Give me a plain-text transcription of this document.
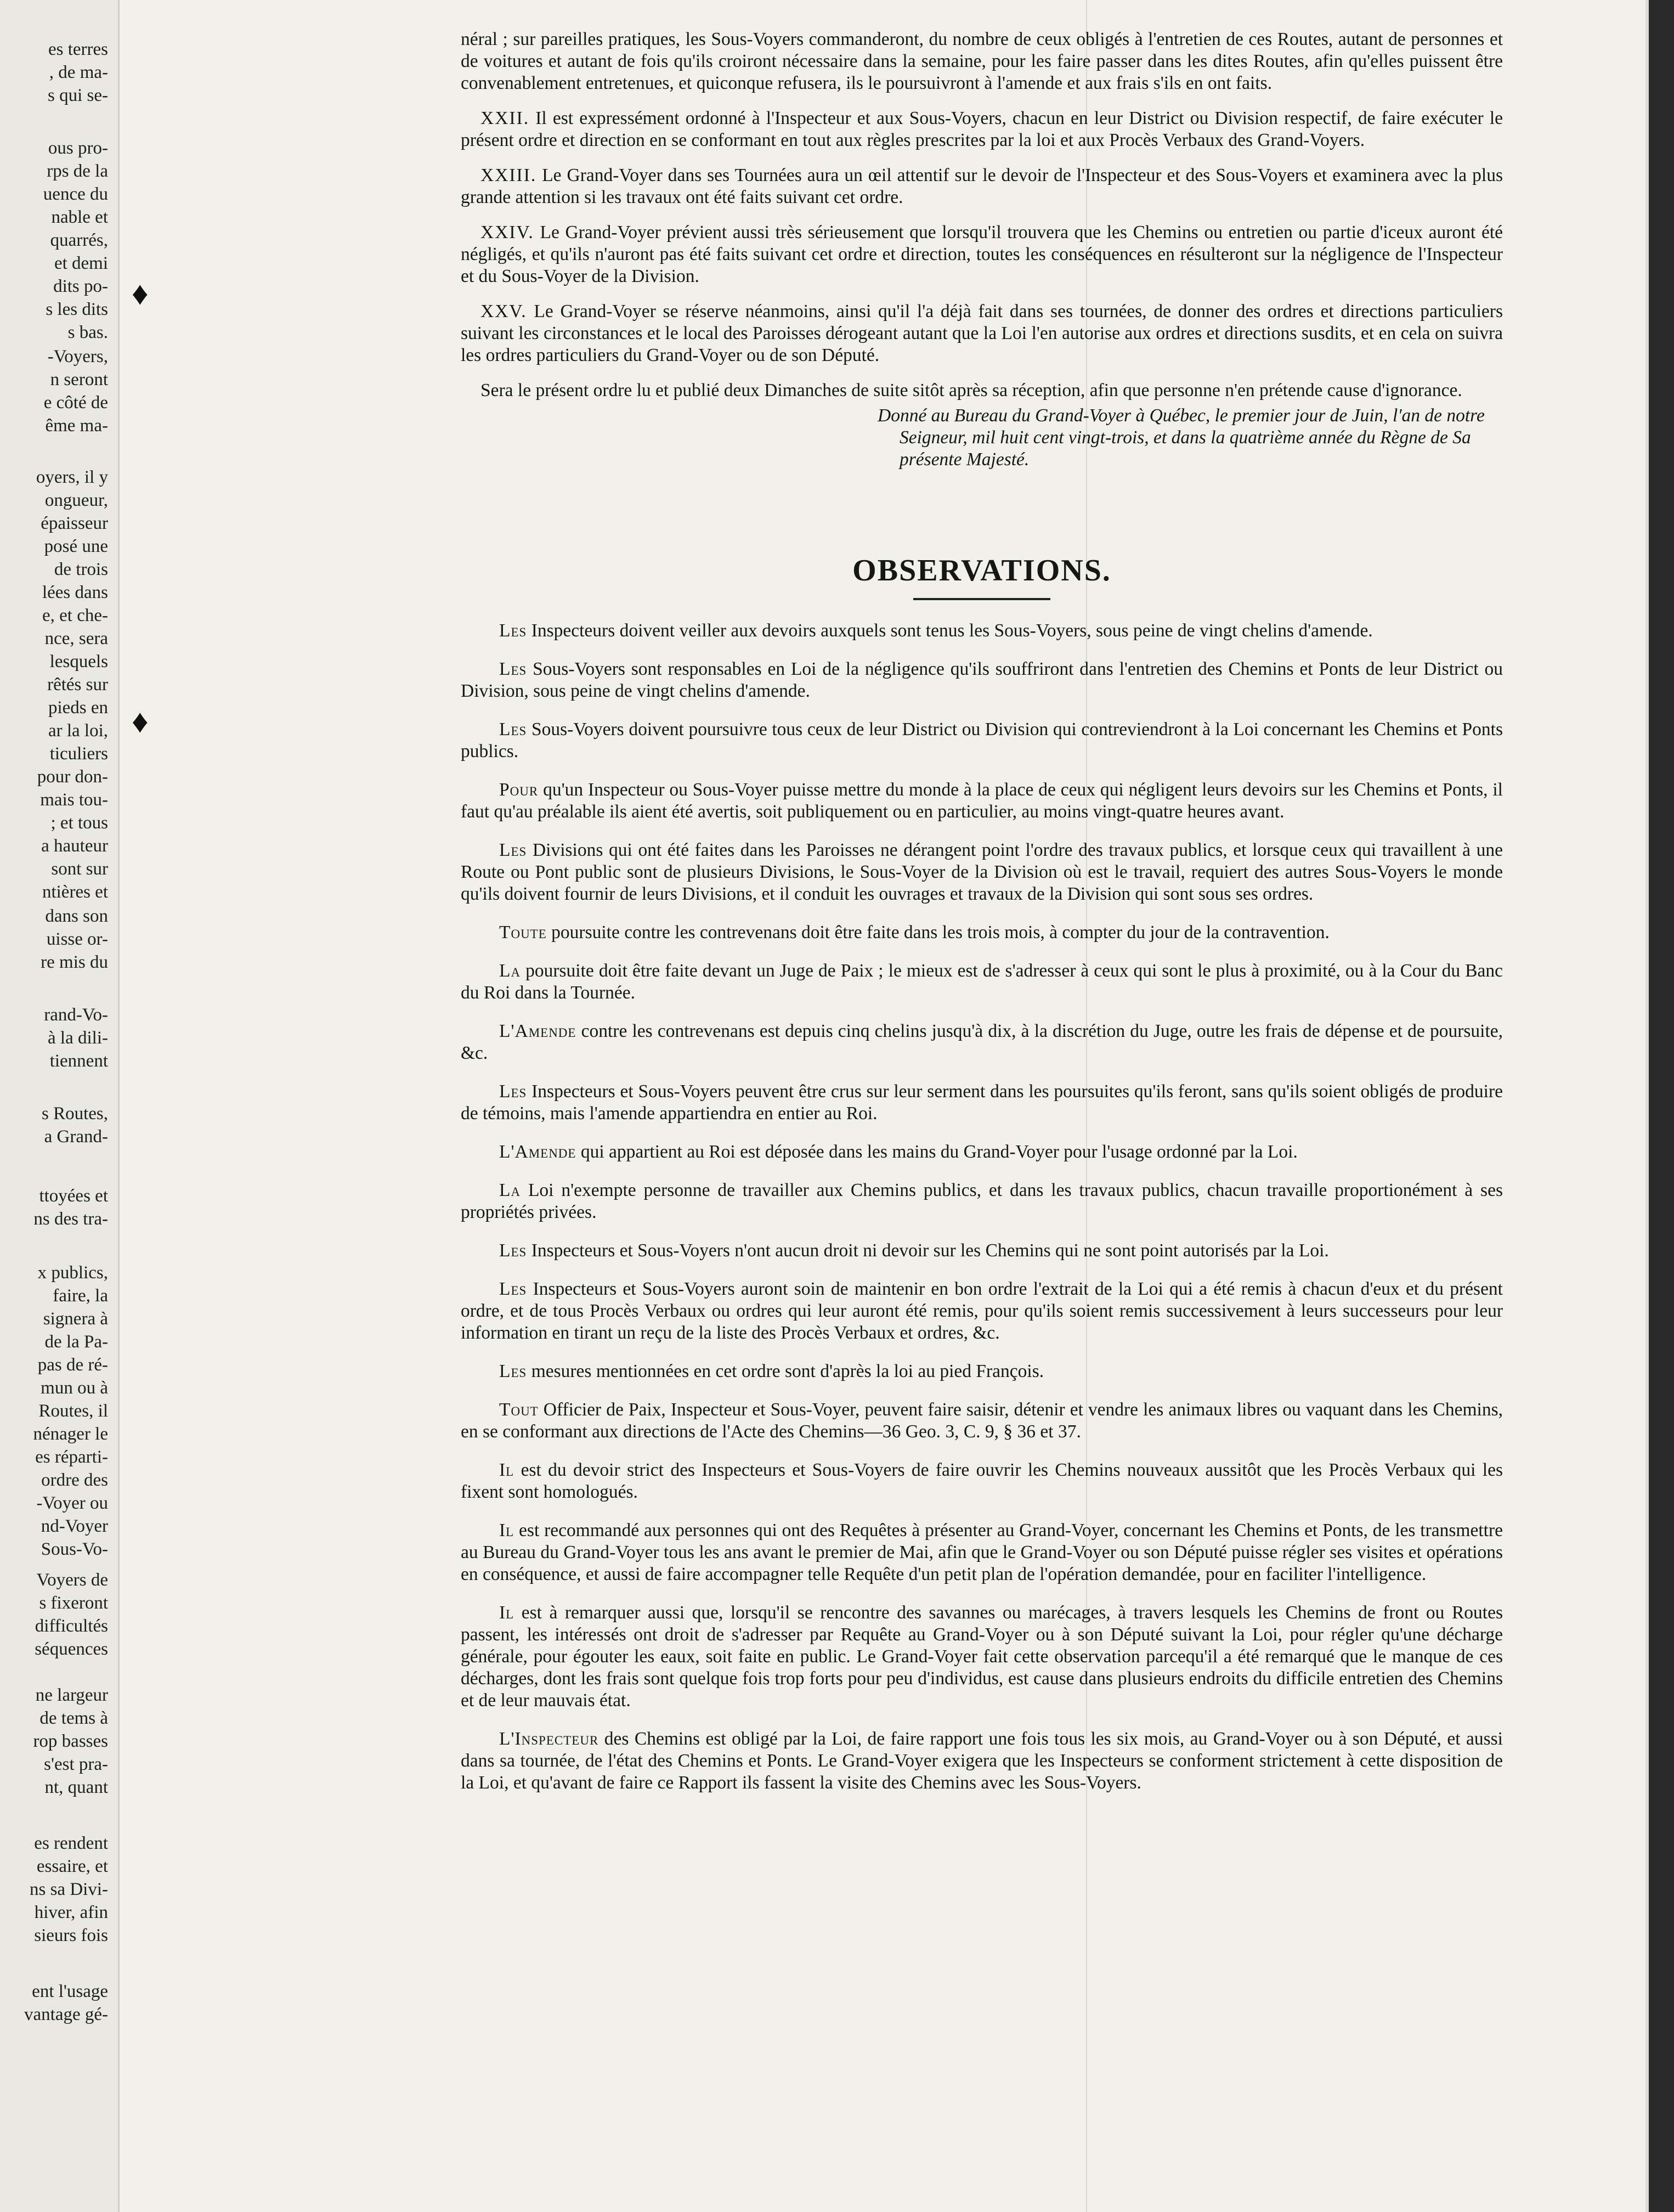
es terres
, de ma-
s qui se-
ous pro-
rps de la
uence du
nable et
quarrés,
et demi
dits po-
s les dits
s bas.
-Voyers,
n seront
e côté de
ême ma-
oyers, il y
ongueur,
épaisseur
posé une
de trois
lées dans
e, et che-
nce, sera
lesquels
rêtés sur
pieds en
ar la loi,
ticuliers
pour don-
mais tou-
; et tous
a hauteur
sont sur
ntières et
dans son
uisse or-
re mis du
rand-Vo-
à la dili-
tiennent
s Routes,
a Grand-
ttoyées et
ns des tra-
x publics,
faire, la
signera à
de la Pa-
pas de ré-
mun ou à
Routes, il
nénager le
es réparti-
ordre des
-Voyer ou
nd-Voyer
Sous-Vo-
Voyers de
s fixeront
difficultés
séquences
ne largeur
de tems à
rop basses
s'est pra-
nt, quant
es rendent
essaire, et
ns sa Divi-
hiver, afin
sieurs fois
ent l'usage
vantage gé-
♦
♦

néral ; sur pareilles pratiques, les Sous-Voyers commanderont, du nombre de ceux obligés à l'entretien de ces Routes, autant de personnes et de voitures et autant de fois qu'ils croiront nécessaire dans la semaine, pour les faire passer dans les dites Routes, afin qu'elles puissent être convenablement entretenues, et quiconque refusera, ils le poursuivront à l'amende et aux frais s'ils en ont faits.

XXII. Il est expressément ordonné à l'Inspecteur et aux Sous-Voyers, chacun en leur District ou Division respectif, de faire exécuter le présent ordre et direction en se conformant en tout aux règles prescrites par la loi et aux Procès Verbaux des Grand-Voyers.

XXIII. Le Grand-Voyer dans ses Tournées aura un œil attentif sur le devoir de l'Inspecteur et des Sous-Voyers et examinera avec la plus grande attention si les travaux ont été faits suivant cet ordre.

XXIV. Le Grand-Voyer prévient aussi très sérieusement que lorsqu'il trouvera que les Chemins ou entretien ou partie d'iceux auront été négligés, et qu'ils n'auront pas été faits suivant cet ordre et direction, toutes les conséquences en résulteront sur la négligence de l'Inspecteur et du Sous-Voyer de la Division.

XXV. Le Grand-Voyer se réserve néanmoins, ainsi qu'il l'a déjà fait dans ses tournées, de donner des ordres et directions particuliers suivant les circonstances et le local des Paroisses dérogeant autant que la Loi l'en autorise aux ordres et directions susdits, et en cela on suivra les ordres particuliers du Grand-Voyer ou de son Député.

Sera le présent ordre lu et publié deux Dimanches de suite sitôt après sa réception, afin que personne n'en prétende cause d'ignorance.

Donné au Bureau du Grand-Voyer à Québec, le premier jour de Juin, l'an de notre Seigneur, mil huit cent vingt-trois, et dans la quatrième année du Règne de Sa présente Majesté.

OBSERVATIONS.

Les Inspecteurs doivent veiller aux devoirs auxquels sont tenus les Sous-Voyers, sous peine de vingt chelins d'amende.

Les Sous-Voyers sont responsables en Loi de la négligence qu'ils souffriront dans l'entretien des Chemins et Ponts de leur District ou Division, sous peine de vingt chelins d'amende.

Les Sous-Voyers doivent poursuivre tous ceux de leur District ou Division qui contreviendront à la Loi concernant les Chemins et Ponts publics.

Pour qu'un Inspecteur ou Sous-Voyer puisse mettre du monde à la place de ceux qui négligent leurs devoirs sur les Chemins et Ponts, il faut qu'au préalable ils aient été avertis, soit publiquement ou en particulier, au moins vingt-quatre heures avant.

Les Divisions qui ont été faites dans les Paroisses ne dérangent point l'ordre des travaux publics, et lorsque ceux qui travaillent à une Route ou Pont public sont de plusieurs Divisions, le Sous-Voyer de la Division où est le travail, requiert des autres Sous-Voyers le monde qu'ils doivent fournir de leurs Divisions, et il conduit les ouvrages et travaux de la Division qui sont sous ses ordres.

Toute poursuite contre les contrevenans doit être faite dans les trois mois, à compter du jour de la contravention.

La poursuite doit être faite devant un Juge de Paix ; le mieux est de s'adresser à ceux qui sont le plus à proximité, ou à la Cour du Banc du Roi dans la Tournée.

L'Amende contre les contrevenans est depuis cinq chelins jusqu'à dix, à la discrétion du Juge, outre les frais de dépense et de poursuite, &c.

Les Inspecteurs et Sous-Voyers peuvent être crus sur leur serment dans les poursuites qu'ils feront, sans qu'ils soient obligés de produire de témoins, mais l'amende appartiendra en entier au Roi.

L'Amende qui appartient au Roi est déposée dans les mains du Grand-Voyer pour l'usage ordonné par la Loi.

La Loi n'exempte personne de travailler aux Chemins publics, et dans les travaux publics, chacun travaille proportionément à ses propriétés privées.

Les Inspecteurs et Sous-Voyers n'ont aucun droit ni devoir sur les Chemins qui ne sont point autorisés par la Loi.

Les Inspecteurs et Sous-Voyers auront soin de maintenir en bon ordre l'extrait de la Loi qui a été remis à chacun d'eux et du présent ordre, et de tous Procès Verbaux ou ordres qui leur auront été remis, pour qu'ils soient remis successivement à leurs successeurs pour leur information en tirant un reçu de la liste des Procès Verbaux et ordres, &c.

Les mesures mentionnées en cet ordre sont d'après la loi au pied François.

Tout Officier de Paix, Inspecteur et Sous-Voyer, peuvent faire saisir, détenir et vendre les animaux libres ou vaquant dans les Chemins, en se conformant aux directions de l'Acte des Chemins—36 Geo. 3, C. 9, § 36 et 37.

Il est du devoir strict des Inspecteurs et Sous-Voyers de faire ouvrir les Chemins nouveaux aussitôt que les Procès Verbaux qui les fixent sont homologués.

Il est recommandé aux personnes qui ont des Requêtes à présenter au Grand-Voyer, concernant les Chemins et Ponts, de les transmettre au Bureau du Grand-Voyer tous les ans avant le premier de Mai, afin que le Grand-Voyer ou son Député puisse régler ses visites et opérations en conséquence, et aussi de faire accompagner telle Requête d'un petit plan de l'opération demandée, pour en faciliter l'intelligence.

Il est à remarquer aussi que, lorsqu'il se rencontre des savannes ou marécages, à travers lesquels les Chemins de front ou Routes passent, les intéressés ont droit de s'adresser par Requête au Grand-Voyer ou à son Député suivant la Loi, pour régler qu'une décharge générale, pour égouter les eaux, soit faite en public. Le Grand-Voyer fait cette observation parcequ'il a été remarqué que le manque de ces décharges, dont les frais sont quelque fois trop forts pour peu d'individus, est cause dans plusieurs endroits du difficile entretien des Chemins et de leur mauvais état.

L'Inspecteur des Chemins est obligé par la Loi, de faire rapport une fois tous les six mois, au Grand-Voyer ou à son Député, et aussi dans sa tournée, de l'état des Chemins et Ponts. Le Grand-Voyer exigera que les Inspecteurs se conforment strictement à cette disposition de la Loi, et qu'avant de faire ce Rapport ils fassent la visite des Chemins avec les Sous-Voyers.
